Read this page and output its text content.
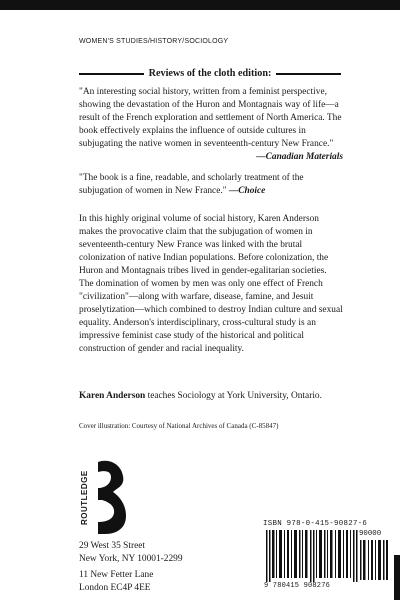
WOMEN'S STUDIES/HISTORY/SOCIOLOGY
Reviews of the cloth edition:
"An interesting social history, written from a feminist perspective, showing the devastation of the Huron and Montagnais way of life—a result of the French exploration and settlement of North America. The book effectively explains the influence of outside cultures in subjugating the native women in seventeenth-century New France."
—Canadian Materials
"The book is a fine, readable, and scholarly treatment of the subjugation of women in New France." —Choice
In this highly original volume of social history, Karen Anderson makes the provocative claim that the subjugation of women in seventeenth-century New France was linked with the brutal colonization of native Indian populations. Before colonization, the Huron and Montagnais tribes lived in gender-egalitarian societies. The domination of women by men was only one effect of French "civilization"—along with warfare, disease, famine, and Jesuit proselytization—which combined to destroy Indian culture and sexual equality. Anderson's interdisciplinary, cross-cultural study is an impressive feminist case study of the historical and political construction of gender and racial inequality.
Karen Anderson teaches Sociology at York University, Ontario.
Cover illustration: Courtesy of National Archives of Canada (C-85847)
ROUTLEDGE
29 West 35 Street
New York, NY 10001-2299
11 New Fetter Lane
London EC4P 4EE
ISBN 978-0-415-90827-6
90000
9 780415 908276
